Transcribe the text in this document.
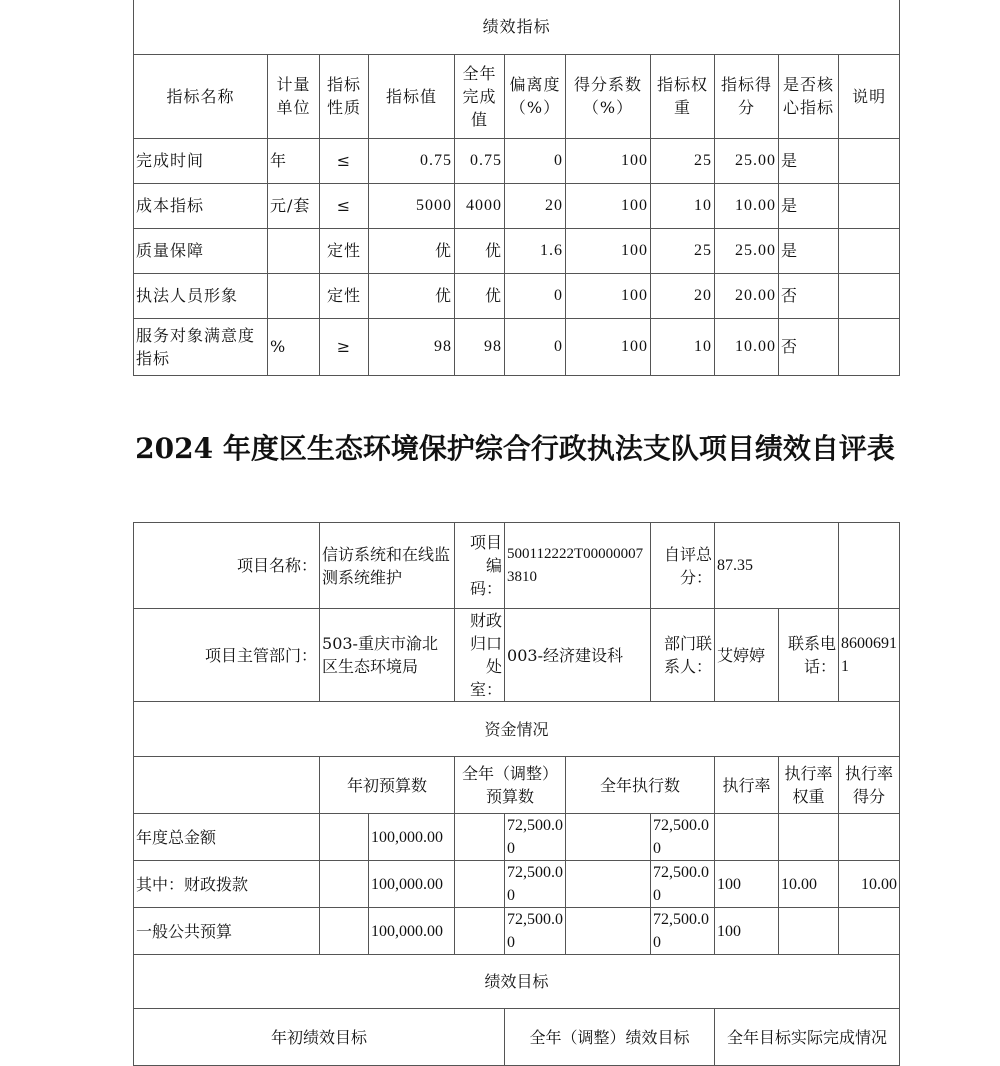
绩效指标										
指标名称	计量单位	指标性质	指标值	全年完成值	偏离度（%）	得分系数（%）	指标权重	指标得分	是否核心指标	说明
完成时间	年	≤	0.75	0.75	0	100	25	25.00	是	
成本指标	元/套	≤	5000	4000	20	100	10	10.00	是	
质量保障		定性	优	优	1.6	100	25	25.00	是	
执法人员形象		定性	优	优	0	100	20	20.00	否	
服务对象满意度指标	%	≥	98	98	0	100	10	10.00	否	
2024 年度区生态环境保护综合行政执法支队项目绩效自评表
项目名称：	信访系统和在线监测系统维护		项目编码：	500112222T000000073810		自评总分：	87.35		
项目主管部门：	503-重庆市渝北区生态环境局		财政归口处室：	003-经济建设科		部门联系人：	艾婷婷	联系电话：	86006911
资金情况									
	年初预算数		全年（调整）预算数		全年执行数		执行率	执行率权重	执行率得分
年度总金额		100,000.00		72,500.00		72,500.00			
其中：财政拨款		100,000.00		72,500.00		72,500.00	100	10.00	10.00
一般公共预算		100,000.00		72,500.00		72,500.00	100		
绩效目标									
年初绩效目标				全年（调整）绩效目标			全年目标实际完成情况		
